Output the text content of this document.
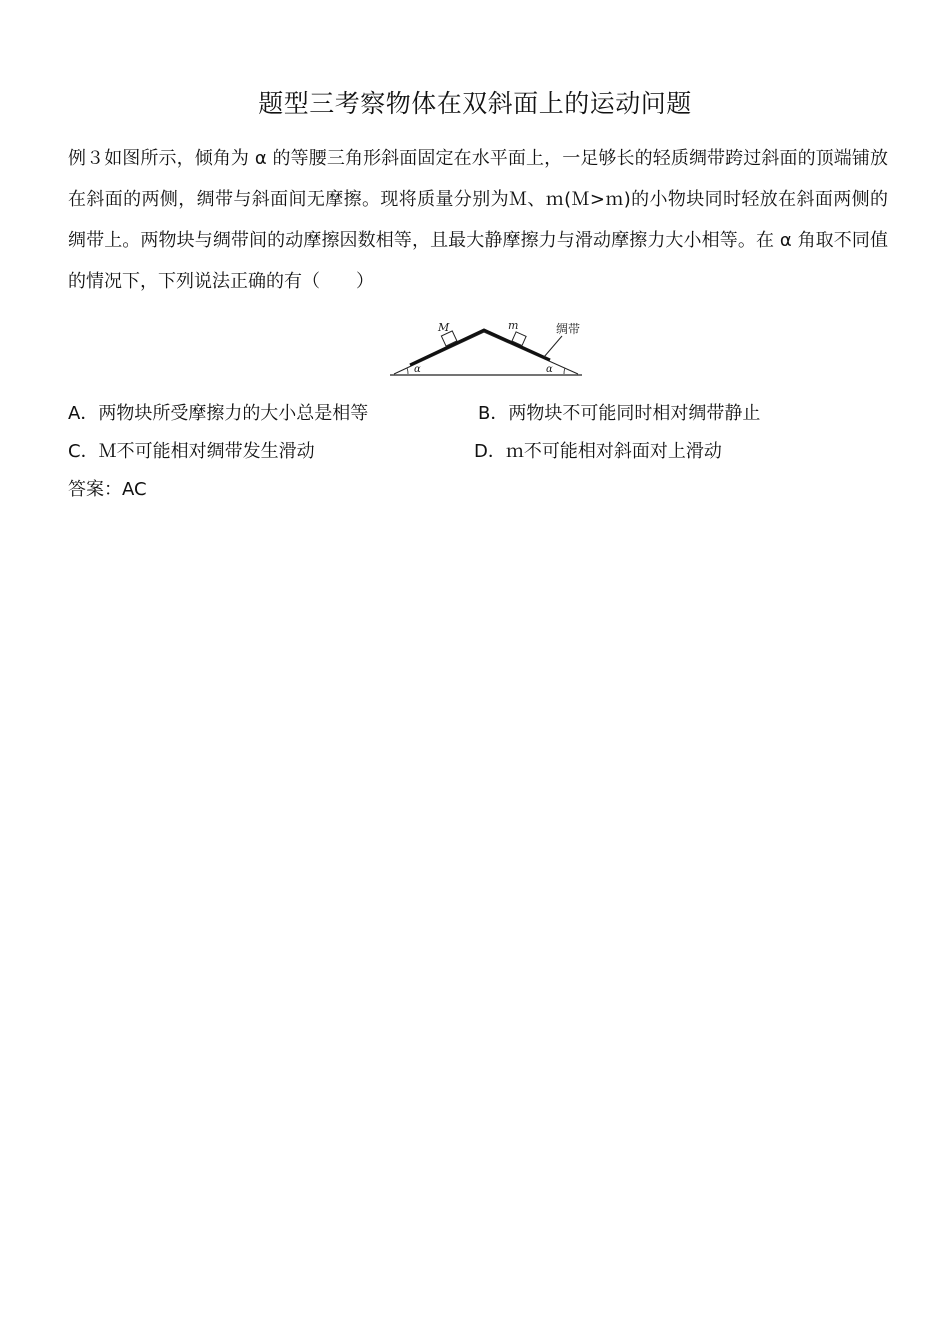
题型三考察物体在双斜面上的运动问题
例３如图所示，倾角为 α 的等腰三角形斜面固定在水平面上，一足够长的轻质绸带跨过斜面的顶端铺放在斜面的两侧，绸带与斜面间无摩擦。现将质量分别为Ｍ、ｍ(Ｍ>ｍ)的小物块同时轻放在斜面两侧的绸带上。两物块与绸带间的动摩擦因数相等，且最大静摩擦力与滑动摩擦力大小相等。在 α 角取不同值的情况下，下列说法正确的有（　　）
M	m	绸带
α	α
A．两物块所受摩擦力的大小总是相等	B．两物块不可能同时相对绸带静止
C．Ｍ不可能相对绸带发生滑动	D．ｍ不可能相对斜面对上滑动
答案：AC
